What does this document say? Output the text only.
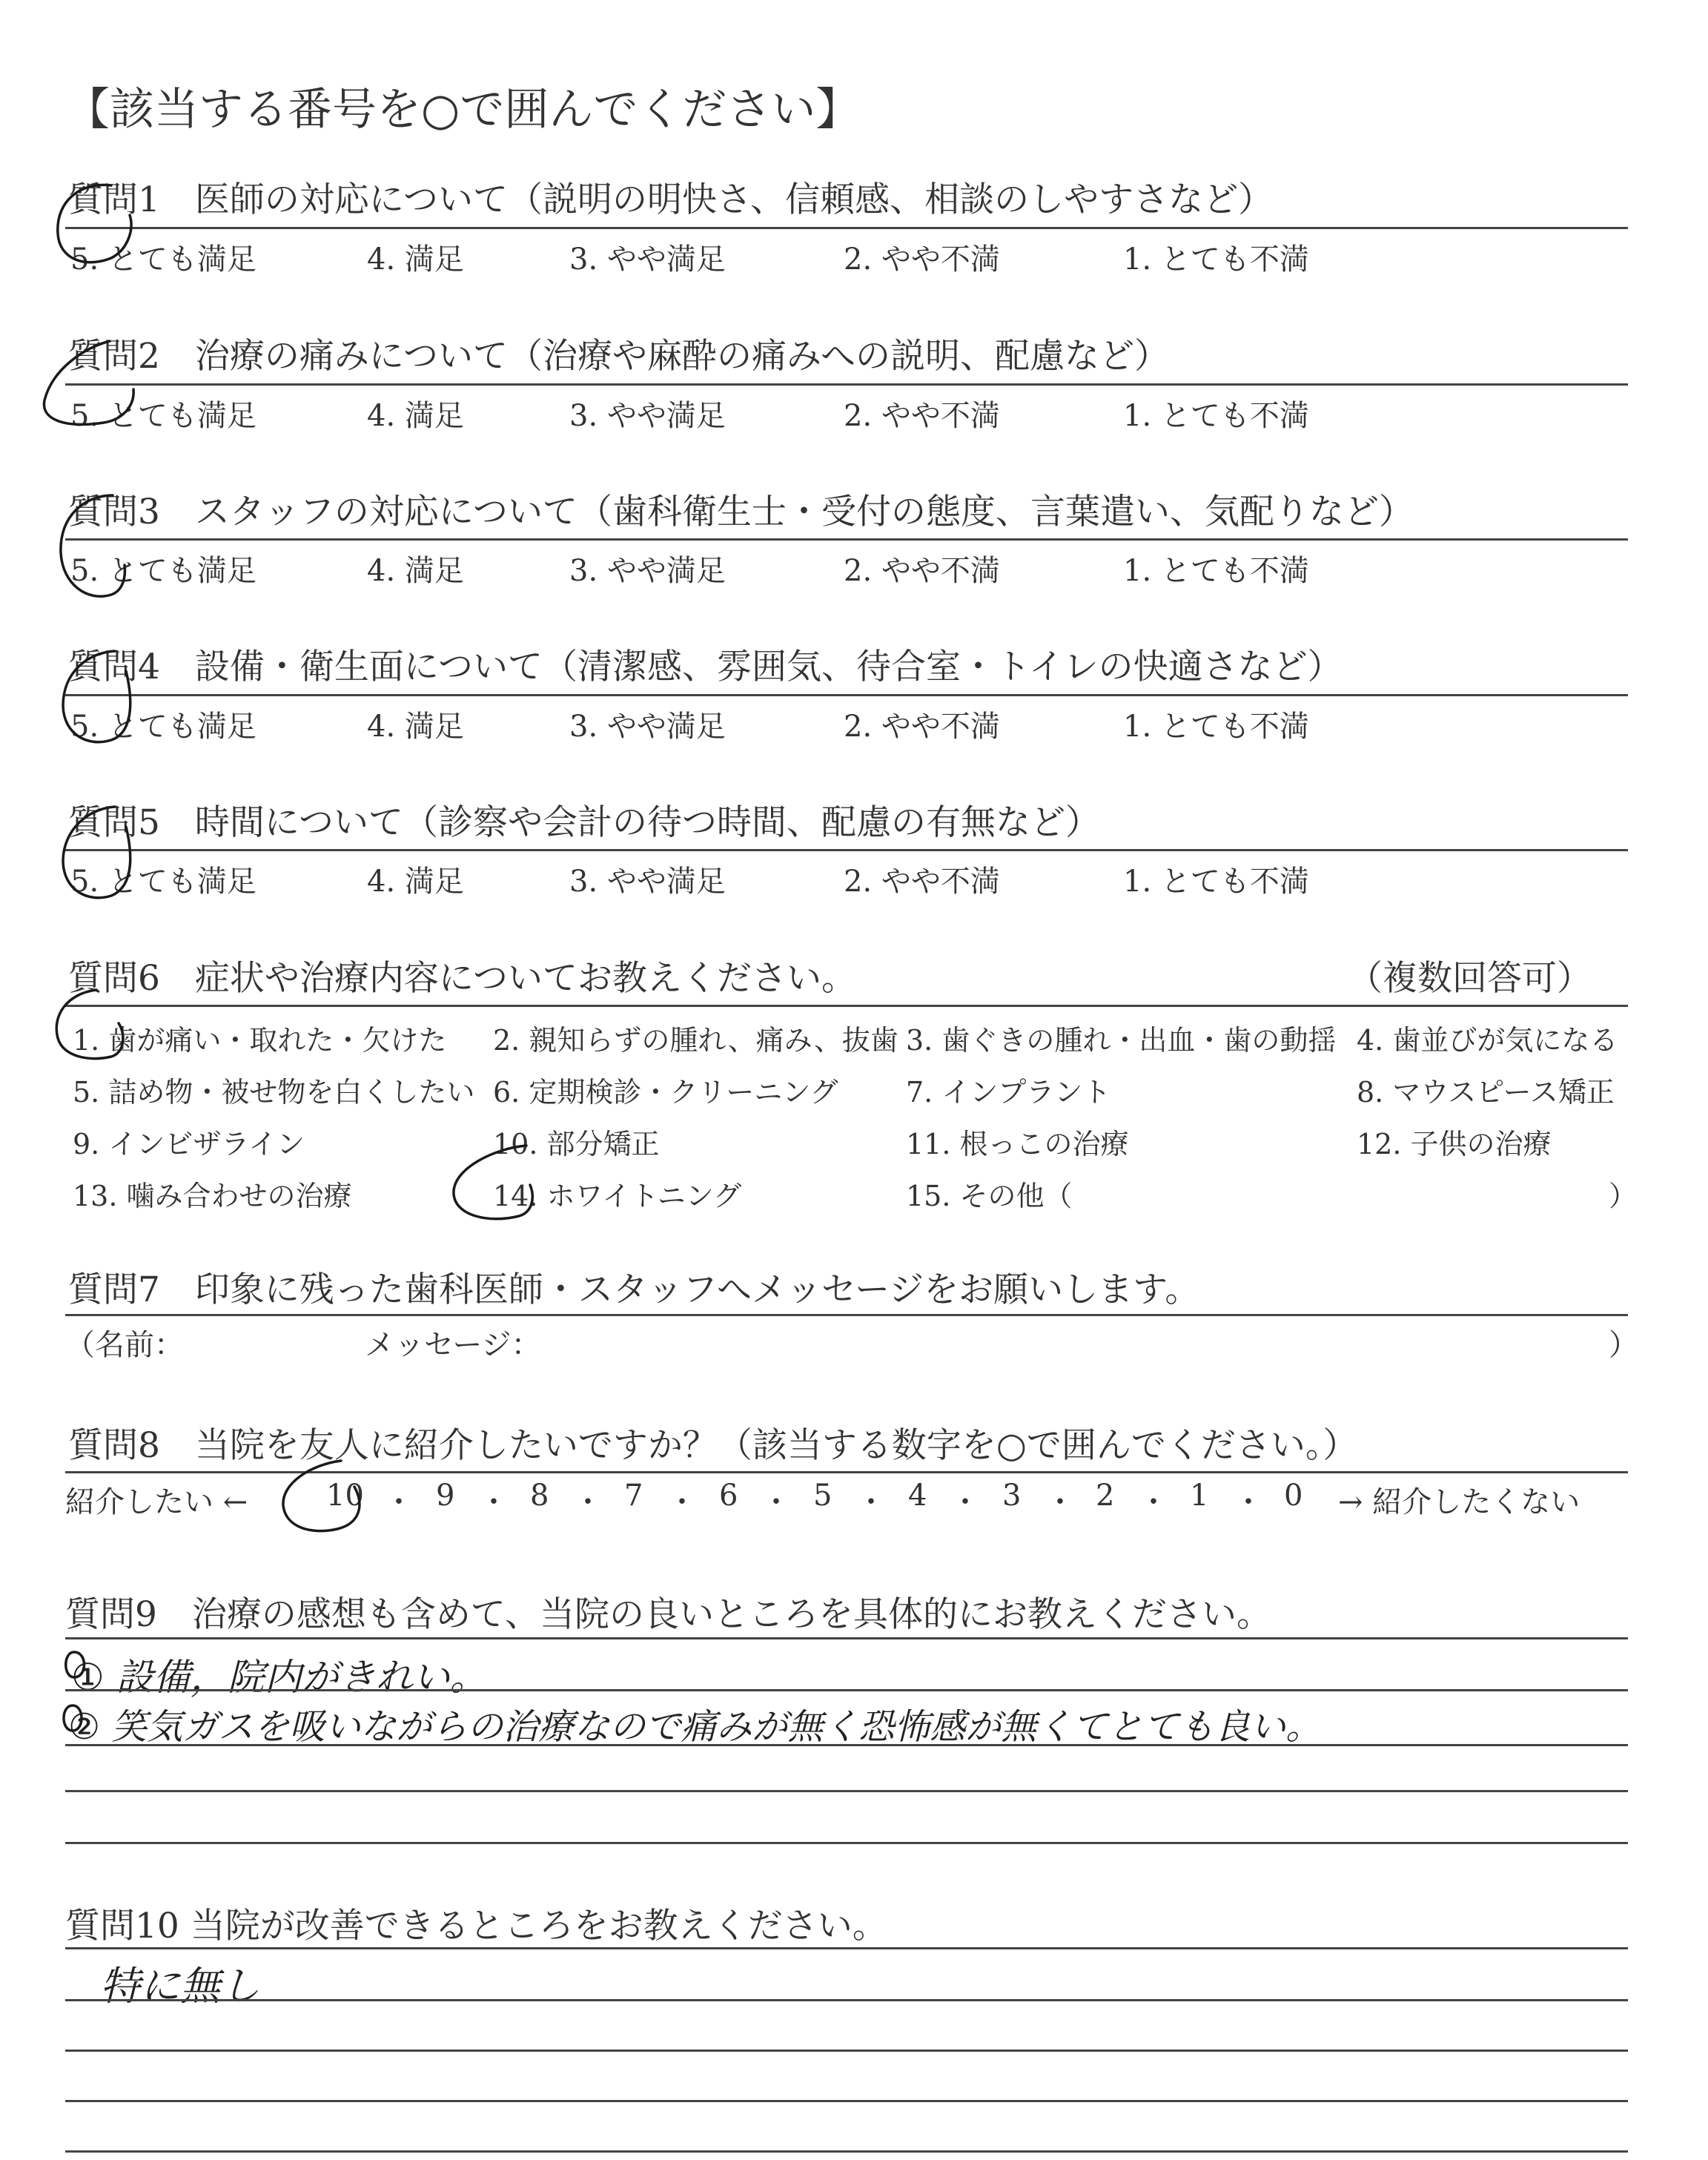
【該当する番号を○で囲んでください】
質問1　医師の対応について（説明の明快さ、信頼感、相談のしやすさなど）
5. とても満足	4. 満足	3. やや満足	2. やや不満	1. とても不満
質問2　治療の痛みについて（治療や麻酔の痛みへの説明、配慮など）
5. とても満足	4. 満足	3. やや満足	2. やや不満	1. とても不満
質問3　スタッフの対応について（歯科衛生士・受付の態度、言葉遣い、気配りなど）
5. とても満足	4. 満足	3. やや満足	2. やや不満	1. とても不満
質問4　設備・衛生面について（清潔感、雰囲気、待合室・トイレの快適さなど）
5. とても満足	4. 満足	3. やや満足	2. やや不満	1. とても不満
質問5　時間について（診察や会計の待つ時間、配慮の有無など）
5. とても満足	4. 満足	3. やや満足	2. やや不満	1. とても不満
質問6　症状や治療内容についてお教えください。	（複数回答可）
1. 歯が痛い・取れた・欠けた 2. 親知らずの腫れ、痛み、抜歯 3. 歯ぐきの腫れ・出血・歯の動揺 4. 歯並びが気になる
5. 詰め物・被せ物を白くしたい 6. 定期検診・クリーニング 7. インプラント	8. マウスピース矯正
9. インビザライン	10. 部分矯正	11. 根っこの治療	12. 子供の治療
13. 噛み合わせの治療	14. ホワイトニング	15. その他（	）
質問7　印象に残った歯科医師・スタッフへメッセージをお願いします。
（名前：	メッセージ：	）
質問8　当院を友人に紹介したいですか？（該当する数字を○で囲んでください。）
紹介したい ←	10 ・ 9 ・ 8 ・ 7 ・ 6 ・ 5 ・ 4 ・ 3 ・ 2 ・ 1 ・ 0 → 紹介したくない
質問9　治療の感想も含めて、当院の良いところを具体的にお教えください。
① 設備，院内がきれい。
② 笑気ガスを吸いながらの治療なので痛みが無く恐怖感が無くてとても良い。
質問10 当院が改善できるところをお教えください。
特に無し
